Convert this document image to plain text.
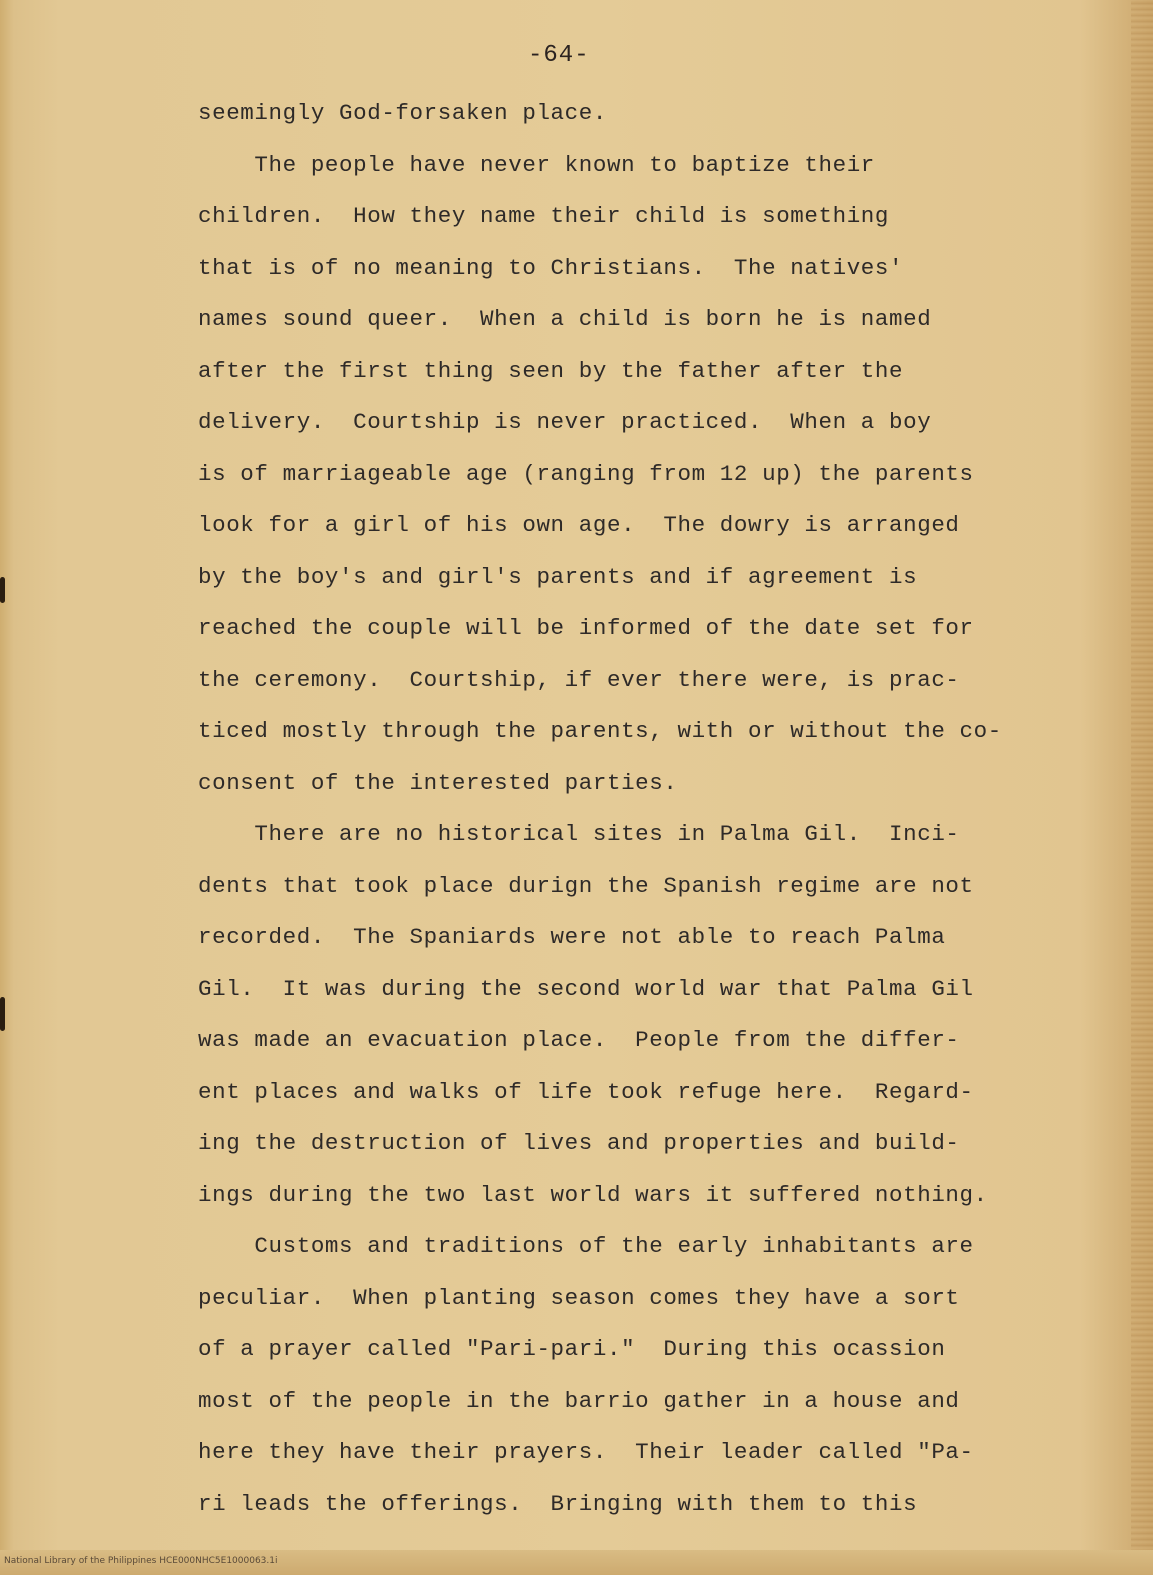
-64-
seemingly God-forsaken place.
The people have never known to baptize their
children.  How they name their child is something
that is of no meaning to Christians.  The natives'
names sound queer.  When a child is born he is named
after the first thing seen by the father after the
delivery.  Courtship is never practiced.  When a boy
is of marriageable age (ranging from 12 up) the parents
look for a girl of his own age.  The dowry is arranged
by the boy's and girl's parents and if agreement is
reached the couple will be informed of the date set for
the ceremony.  Courtship, if ever there were, is prac-
ticed mostly through the parents, with or without the co-
consent of the interested parties.
There are no historical sites in Palma Gil.  Inci-
dents that took place durign the Spanish regime are not
recorded.  The Spaniards were not able to reach Palma
Gil.  It was during the second world war that Palma Gil
was made an evacuation place.  People from the differ-
ent places and walks of life took refuge here.  Regard-
ing the destruction of lives and properties and build-
ings during the two last world wars it suffered nothing.
Customs and traditions of the early inhabitants are
peculiar.  When planting season comes they have a sort
of a prayer called "Pari-pari."  During this ocassion
most of the people in the barrio gather in a house and
here they have their prayers.  Their leader called "Pa-
ri leads the offerings.  Bringing with them to this
National Library of the Philippines HCE000NHC5E1000063.1i
